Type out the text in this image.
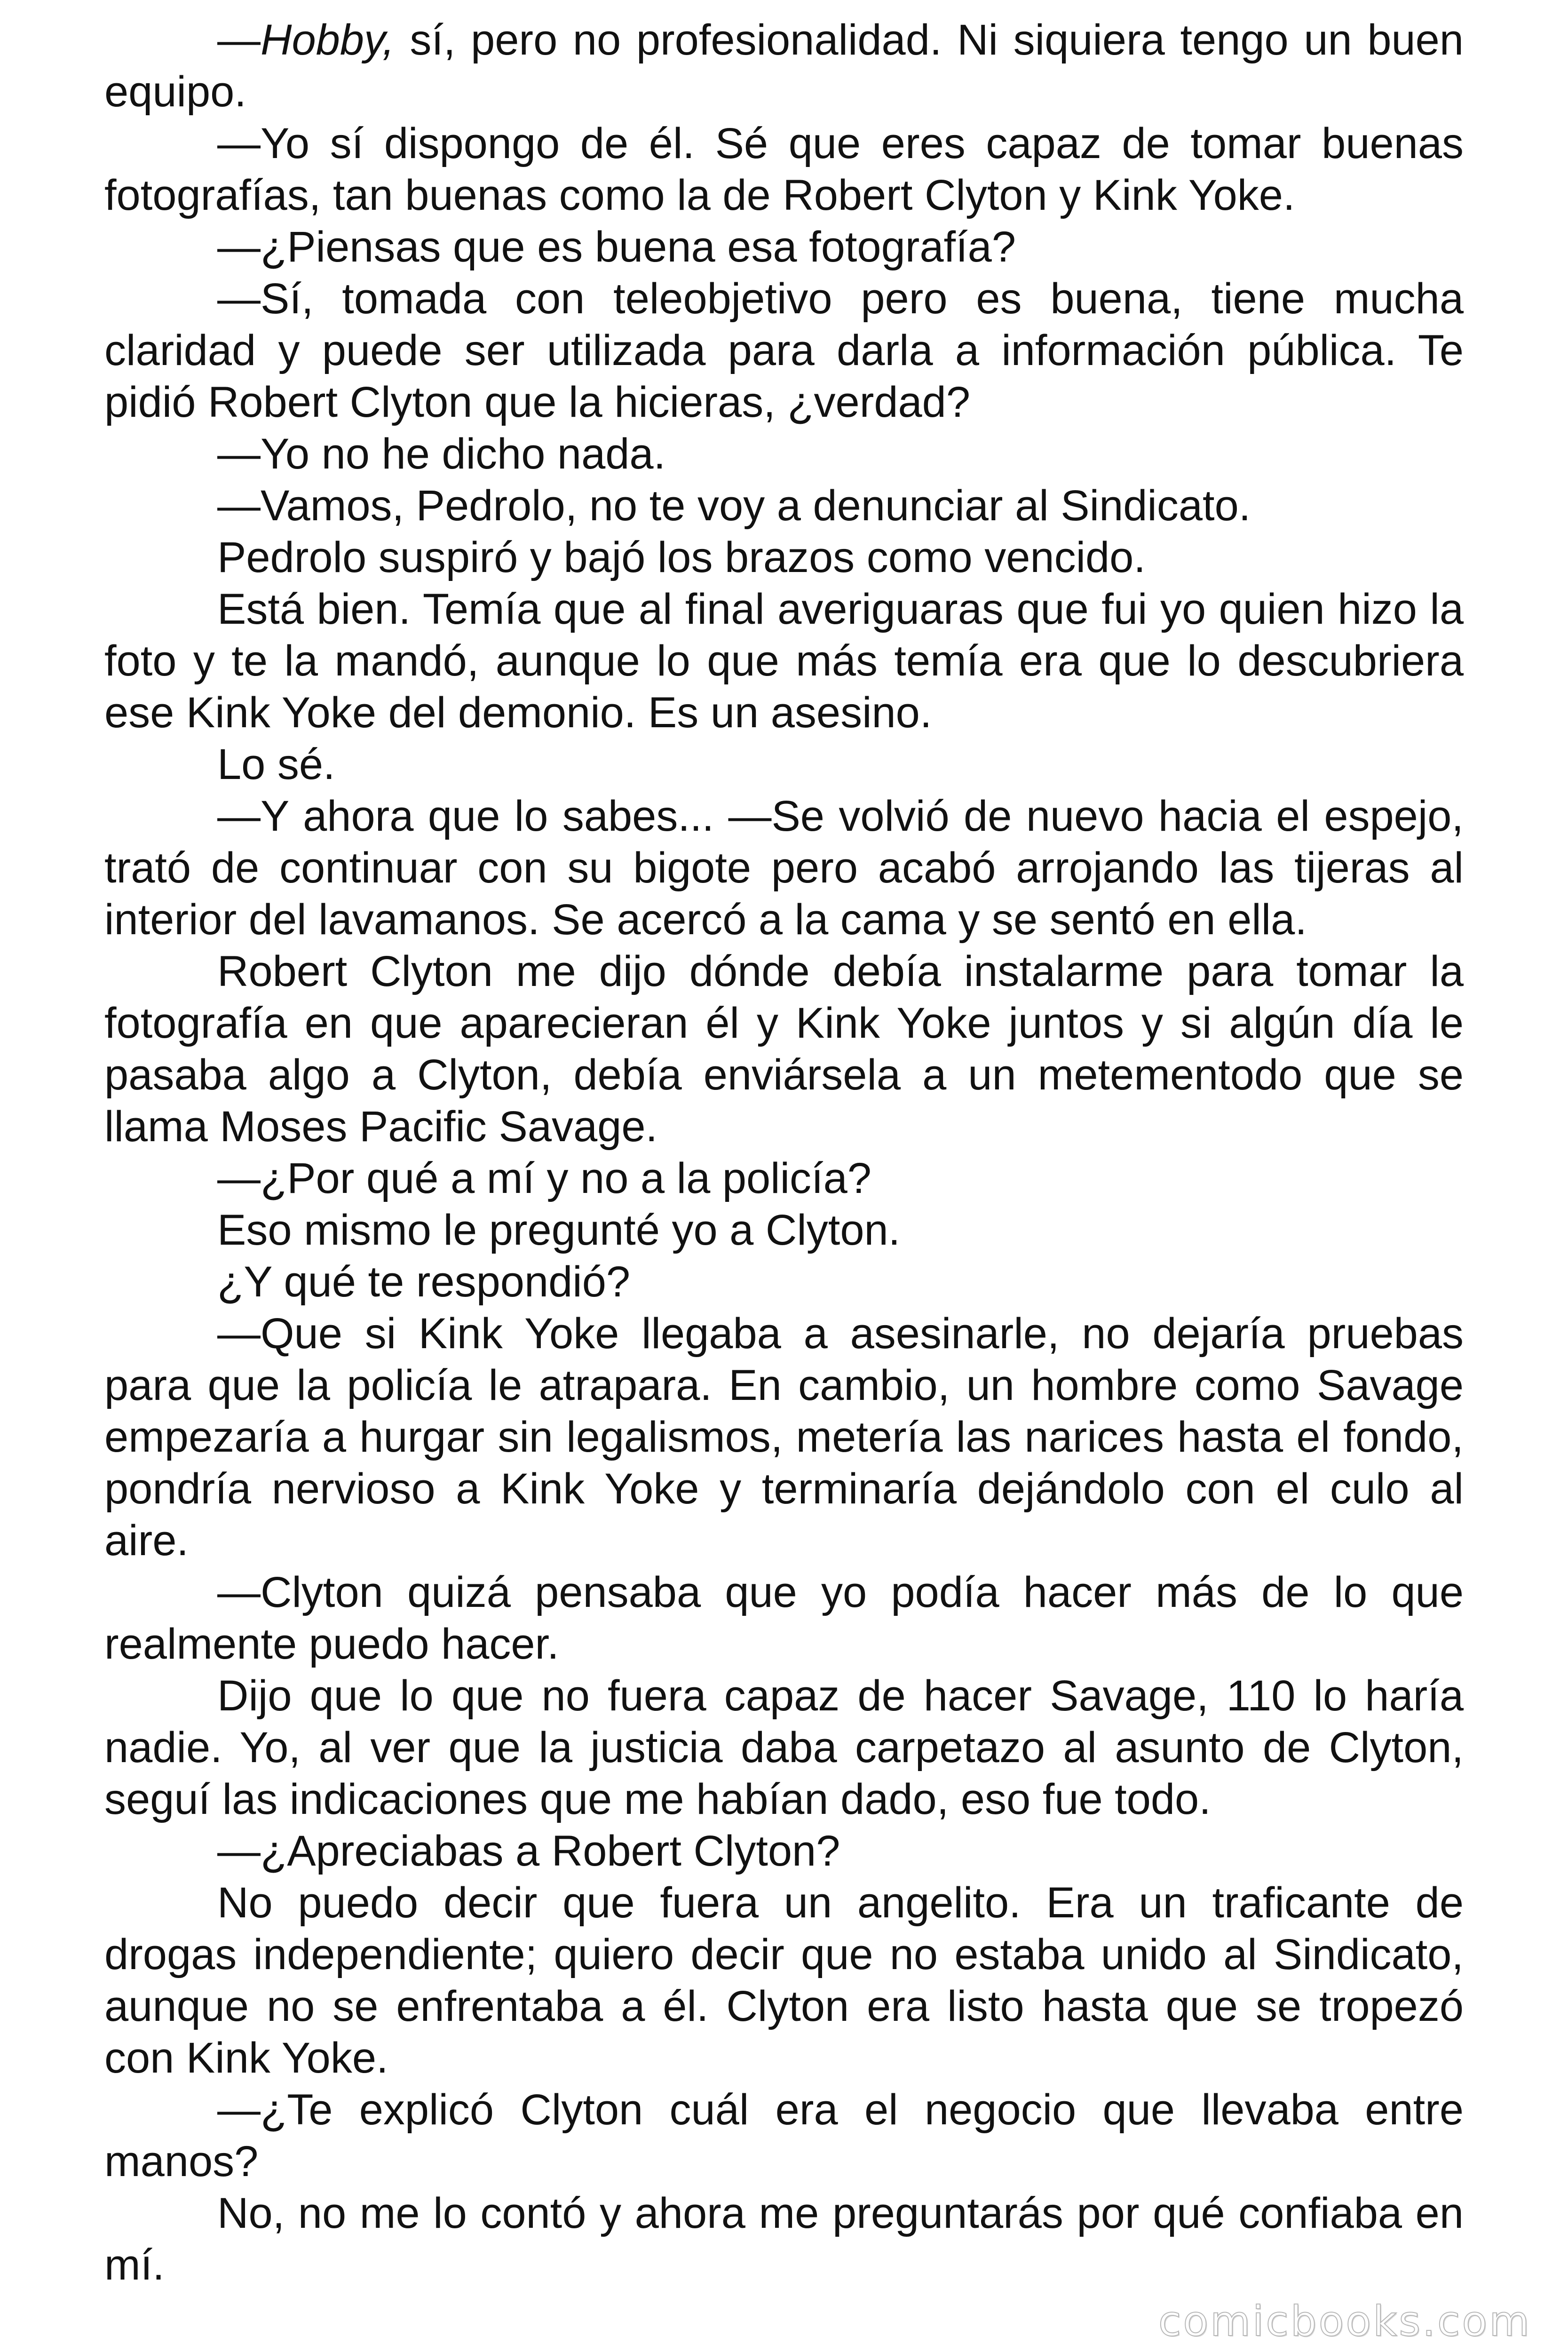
—Hobby, sí, pero no profesionalidad. Ni siquiera tengo un buen equipo.

—Yo sí dispongo de él. Sé que eres capaz de tomar buenas fotografías, tan buenas como la de Robert Clyton y Kink Yoke.

—¿Piensas que es buena esa fotografía?

—Sí, tomada con teleobjetivo pero es buena, tiene mucha claridad y puede ser utilizada para darla a información pública. Te pidió Robert Clyton que la hicieras, ¿verdad?

—Yo no he dicho nada.

—Vamos, Pedrolo, no te voy a denunciar al Sindicato.

Pedrolo suspiró y bajó los brazos como vencido.

Está bien. Temía que al final averiguaras que fui yo quien hizo la foto y te la mandó, aunque lo que más temía era que lo descubriera ese Kink Yoke del demonio. Es un asesino.

Lo sé.

—Y ahora que lo sabes... —Se volvió de nuevo hacia el espejo, trató de continuar con su bigote pero acabó arrojando las tijeras al interior del lavamanos. Se acercó a la cama y se sentó en ella.

Robert Clyton me dijo dónde debía instalarme para tomar la fotografía en que aparecieran él y Kink Yoke juntos y si algún día le pasaba algo a Clyton, debía enviársela a un metementodo que se llama Moses Pacific Savage.

—¿Por qué a mí y no a la policía?

Eso mismo le pregunté yo a Clyton.

¿Y qué te respondió?

—Que si Kink Yoke llegaba a asesinarle, no dejaría pruebas para que la policía le atrapara. En cambio, un hombre como Savage empezaría a hurgar sin legalismos, metería las narices hasta el fondo, pondría nervioso a Kink Yoke y terminaría dejándolo con el culo al aire.

—Clyton quizá pensaba que yo podía hacer más de lo que realmente puedo hacer.

Dijo que lo que no fuera capaz de hacer Savage, 110 lo haría nadie. Yo, al ver que la justicia daba carpetazo al asunto de Clyton, seguí las indicaciones que me habían dado, eso fue todo.

—¿Apreciabas a Robert Clyton?

No puedo decir que fuera un angelito. Era un traficante de drogas independiente; quiero decir que no estaba unido al Sindicato, aunque no se enfrentaba a él. Clyton era listo hasta que se tropezó con Kink Yoke.

—¿Te explicó Clyton cuál era el negocio que llevaba entre manos?

No, no me lo contó y ahora me preguntarás por qué confiaba en mí.

comicbooks.com
